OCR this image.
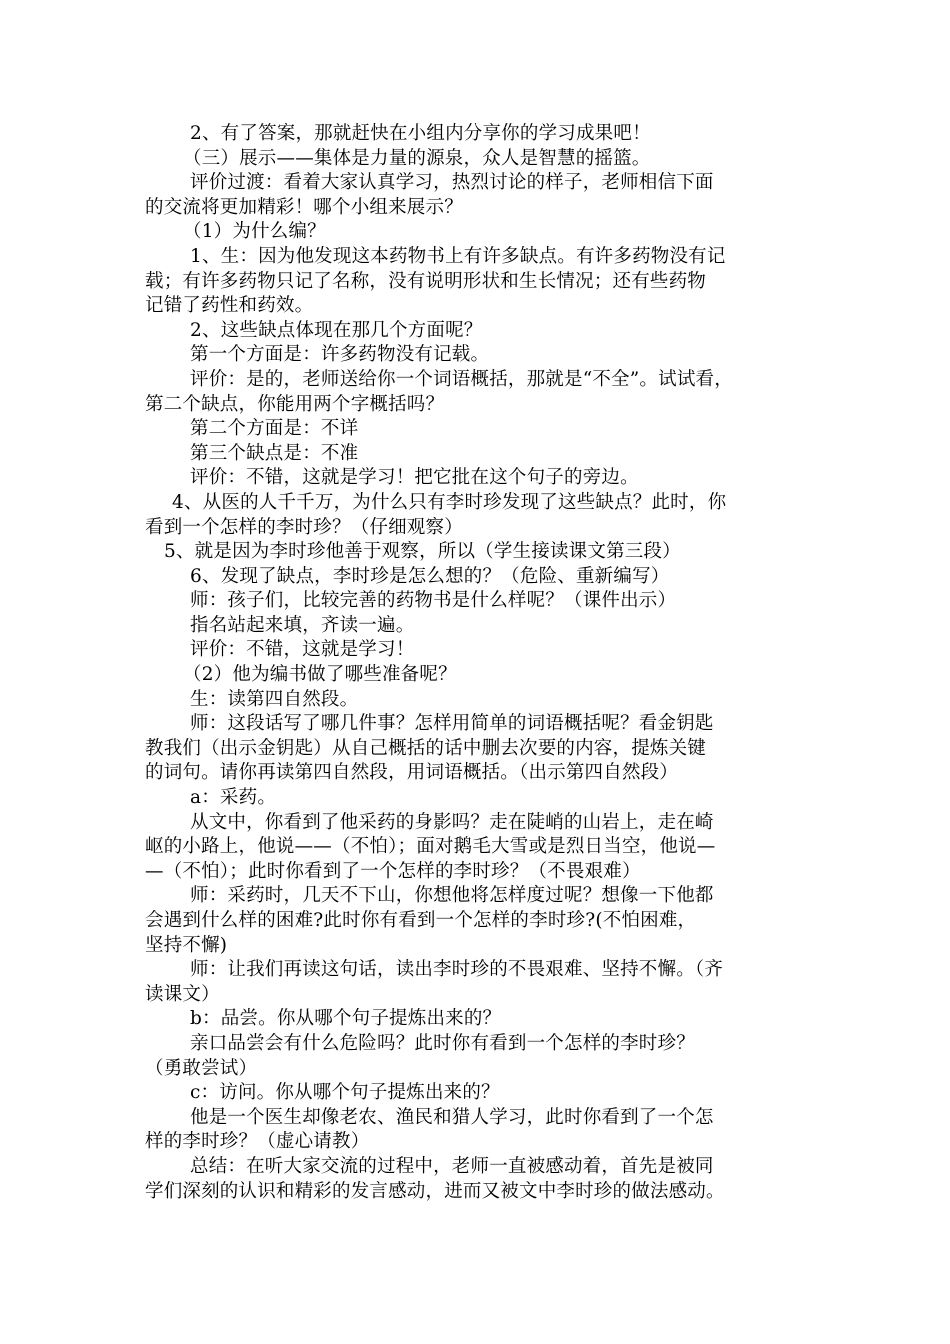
2、有了答案，那就赶快在小组内分享你的学习成果吧！
（三）展示——集体是力量的源泉，众人是智慧的摇篮。
评价过渡：看着大家认真学习，热烈讨论的样子，老师相信下面
的交流将更加精彩！哪个小组来展示？
（1）为什么编？
1、生：因为他发现这本药物书上有许多缺点。有许多药物没有记
载；有许多药物只记了名称，没有说明形状和生长情况；还有些药物
记错了药性和药效。
2、这些缺点体现在那几个方面呢？
第一个方面是：许多药物没有记载。
评价：是的，老师送给你一个词语概括，那就是“不全”。试试看，
第二个缺点，你能用两个字概括吗？
第二个方面是：不详
第三个缺点是：不准
评价：不错，这就是学习！把它批在这个句子的旁边。
4、从医的人千千万，为什么只有李时珍发现了这些缺点？此时，你
看到一个怎样的李时珍？（仔细观察）
5、就是因为李时珍他善于观察，所以（学生接读课文第三段）
6、发现了缺点，李时珍是怎么想的？（危险、重新编写）
师：孩子们，比较完善的药物书是什么样呢？（课件出示）
指名站起来填，齐读一遍。
评价：不错，这就是学习！
（2）他为编书做了哪些准备呢？
生：读第四自然段。
师：这段话写了哪几件事？怎样用简单的词语概括呢？看金钥匙
教我们（出示金钥匙）从自己概括的话中删去次要的内容，提炼关键
的词句。请你再读第四自然段，用词语概括。（出示第四自然段）
a：采药。
从文中，你看到了他采药的身影吗？走在陡峭的山岩上，走在崎
岖的小路上，他说——（不怕）；面对鹅毛大雪或是烈日当空，他说—
—（不怕）；此时你看到了一个怎样的李时珍？（不畏艰难）
师：采药时，几天不下山，你想他将怎样度过呢？想像一下他都
会遇到什么样的困难?此时你有看到一个怎样的李时珍?(不怕困难，
坚持不懈)
师：让我们再读这句话，读出李时珍的不畏艰难、坚持不懈。（齐
读课文）
b：品尝。你从哪个句子提炼出来的？
亲口品尝会有什么危险吗？此时你有看到一个怎样的李时珍？
（勇敢尝试）
c：访问。你从哪个句子提炼出来的？
他是一个医生却像老农、渔民和猎人学习，此时你看到了一个怎
样的李时珍？（虚心请教）
总结：在听大家交流的过程中，老师一直被感动着，首先是被同
学们深刻的认识和精彩的发言感动，进而又被文中李时珍的做法感动。
